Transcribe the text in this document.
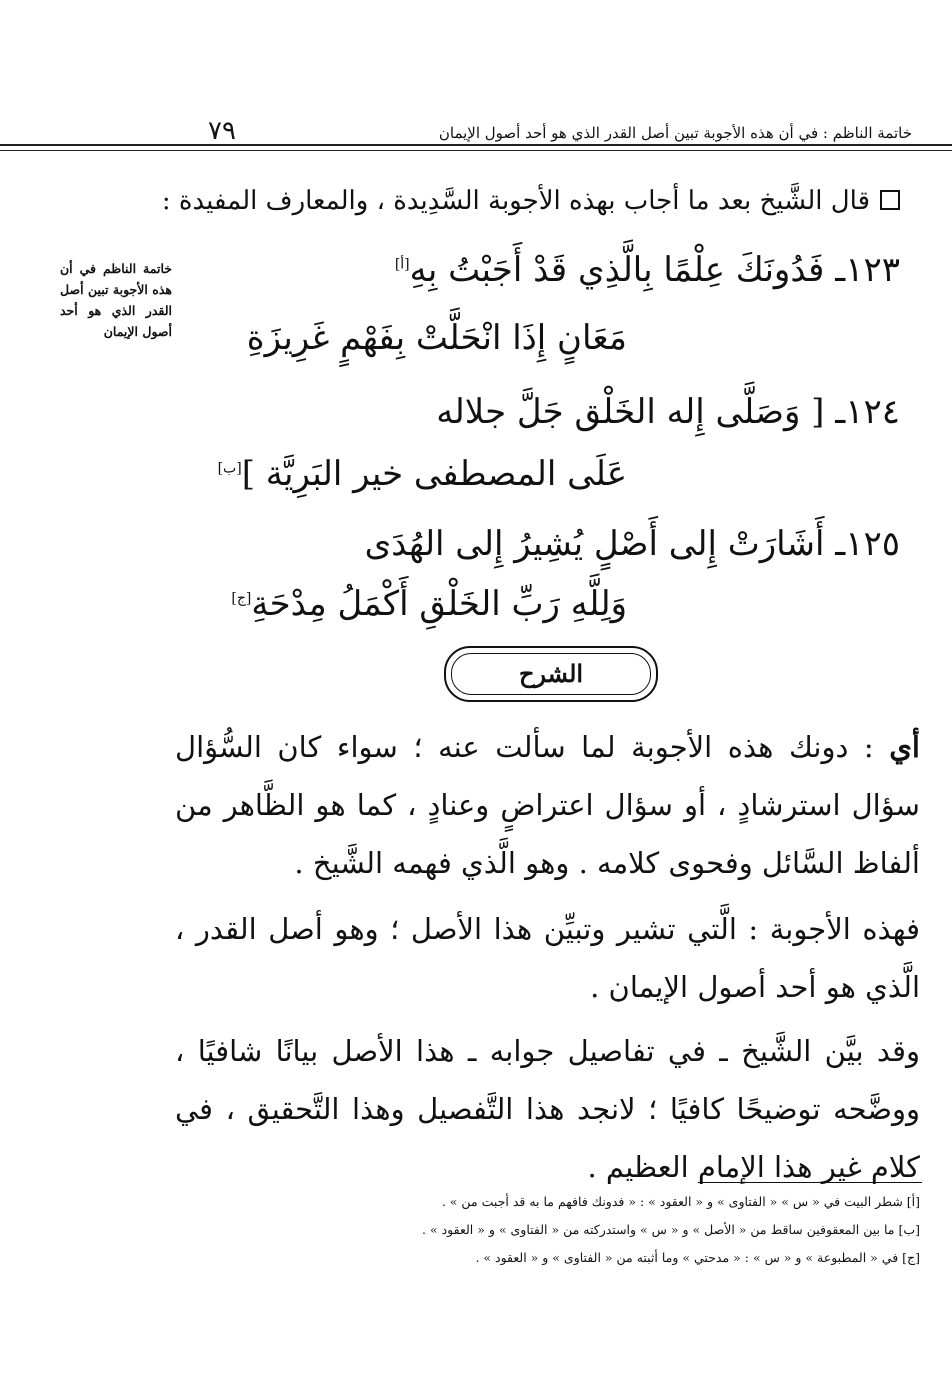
خاتمة الناظم : في أن هذه الأجوبة تبين أصل القدر الذي هو أحد أصول الإيمان
٧٩
خاتمة الناظم في أن هذه الأجوبة تبين أصل القدر الذي هو أحد أصول الإيمان
قال الشَّيخ بعد ما أجاب بهذه الأجوبة السَّدِيدة ، والمعارف المفيدة :
١٢٣ـ فَدُونَكَ عِلْمًا بِالَّذِي قَدْ أَجَبْتُ بِهِ[أ]
مَعَانٍ إِذَا انْحَلَّتْ بِفَهْمٍ غَرِيزَةِ
١٢٤ـ [ وَصَلَّى إِله الخَلْق جَلَّ جلاله
عَلَى المصطفى خير البَرِيَّة ][ب]
١٢٥ـ أَشَارَتْ إِلى أَصْلٍ يُشِيرُ إِلى الهُدَى
وَلِلَّهِ رَبِّ الخَلْقِ أَكْمَلُ مِدْحَةِ[ج]
الشرح
أي : دونك هذه الأجوبة لما سألت عنه ؛ سواء كان السُّؤال سؤال استرشادٍ ، أو سؤال اعتراضٍ وعنادٍ ، كما هو الظَّاهر من ألفاظ السَّائل وفحوى كلامه . وهو الَّذي فهمه الشَّيخ .
فهذه الأجوبة : الَّتي تشير وتبيِّن هذا الأصل ؛ وهو أصل القدر ، الَّذي هو أحد أصول الإيمان .
وقد بيَّن الشَّيخ ـ في تفاصيل جوابه ـ هذا الأصل بيانًا شافيًا ، ووضَّحه توضيحًا كافيًا ؛ لانجد هذا التَّفصيل وهذا التَّحقيق ، في كلام غير هذا الإمام العظيم .
[أ] شطر البيت في « س » « الفتاوى » و « العقود » : « فدونك فافهم ما به قد أجبت من » .
[ب] ما بين المعقوفين ساقط من « الأصل » و « س » واستدركته من « الفتاوى » و « العقود » .
[ج] في « المطبوعة » و « س » : « مدحتي » وما أثبته من « الفتاوى » و « العقود » .
